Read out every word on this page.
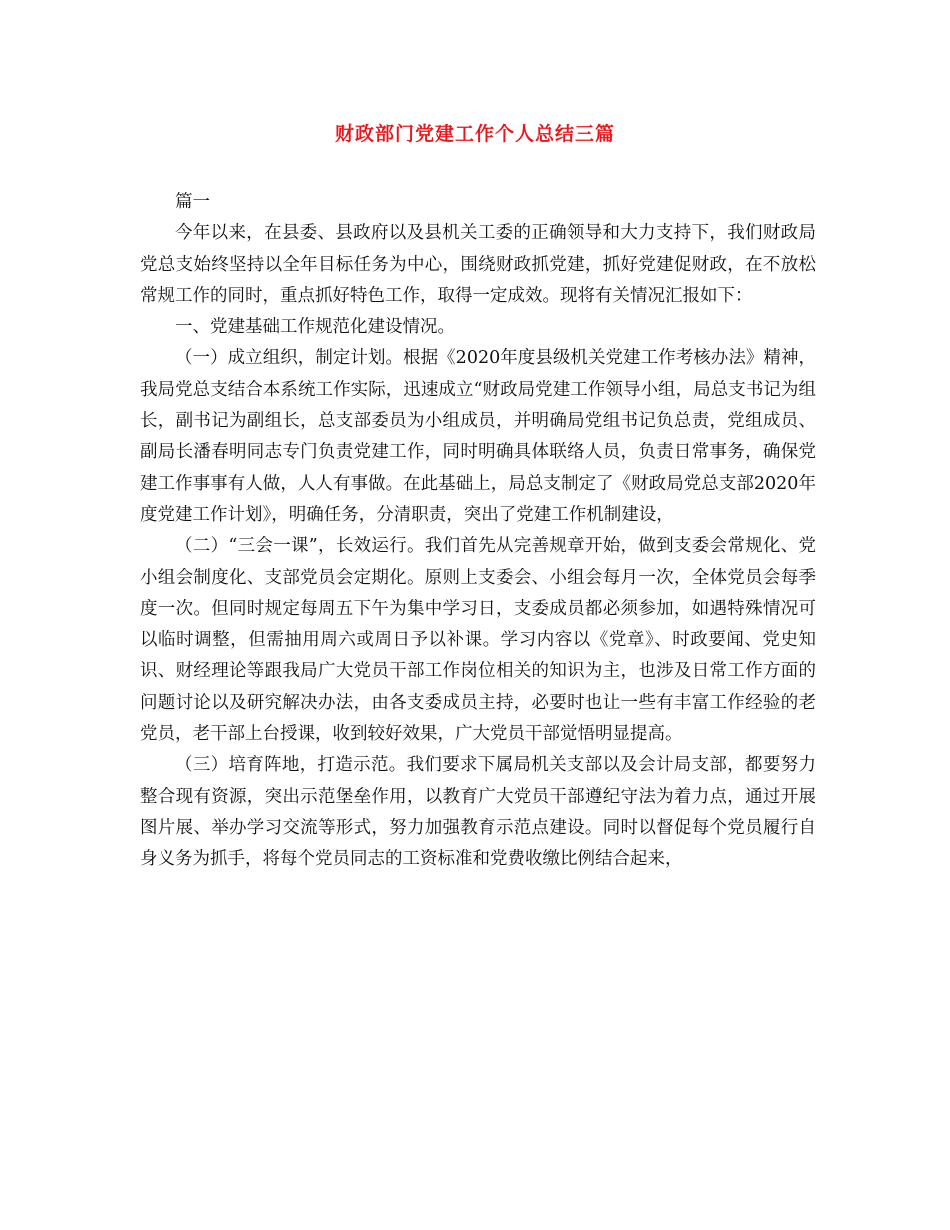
财政部门党建工作个人总结三篇

篇一

今年以来，在县委、县政府以及县机关工委的正确领导和大力支持下，我们财政局党总支始终坚持以全年目标任务为中心，围绕财政抓党建，抓好党建促财政，在不放松常规工作的同时，重点抓好特色工作，取得一定成效。现将有关情况汇报如下：

一、党建基础工作规范化建设情况。

（一）成立组织，制定计划。根据《2020年度县级机关党建工作考核办法》精神，我局党总支结合本系统工作实际，迅速成立“财政局党建工作领导小组，局总支书记为组长，副书记为副组长，总支部委员为小组成员，并明确局党组书记负总责，党组成员、副局长潘春明同志专门负责党建工作，同时明确具体联络人员，负责日常事务，确保党建工作事事有人做，人人有事做。在此基础上，局总支制定了《财政局党总支部2020年度党建工作计划》，明确任务，分清职责，突出了党建工作机制建设，

（二）“三会一课”，长效运行。我们首先从完善规章开始，做到支委会常规化、党小组会制度化、支部党员会定期化。原则上支委会、小组会每月一次，全体党员会每季度一次。但同时规定每周五下午为集中学习日，支委成员都必须参加，如遇特殊情况可以临时调整，但需抽用周六或周日予以补课。学习内容以《党章》、时政要闻、党史知识、财经理论等跟我局广大党员干部工作岗位相关的知识为主，也涉及日常工作方面的问题讨论以及研究解决办法，由各支委成员主持，必要时也让一些有丰富工作经验的老党员，老干部上台授课，收到较好效果，广大党员干部觉悟明显提高。

（三）培育阵地，打造示范。我们要求下属局机关支部以及会计局支部，都要努力整合现有资源，突出示范堡垒作用，以教育广大党员干部遵纪守法为着力点，通过开展图片展、举办学习交流等形式，努力加强教育示范点建设。同时以督促每个党员履行自身义务为抓手，将每个党员同志的工资标准和党费收缴比例结合起来，
